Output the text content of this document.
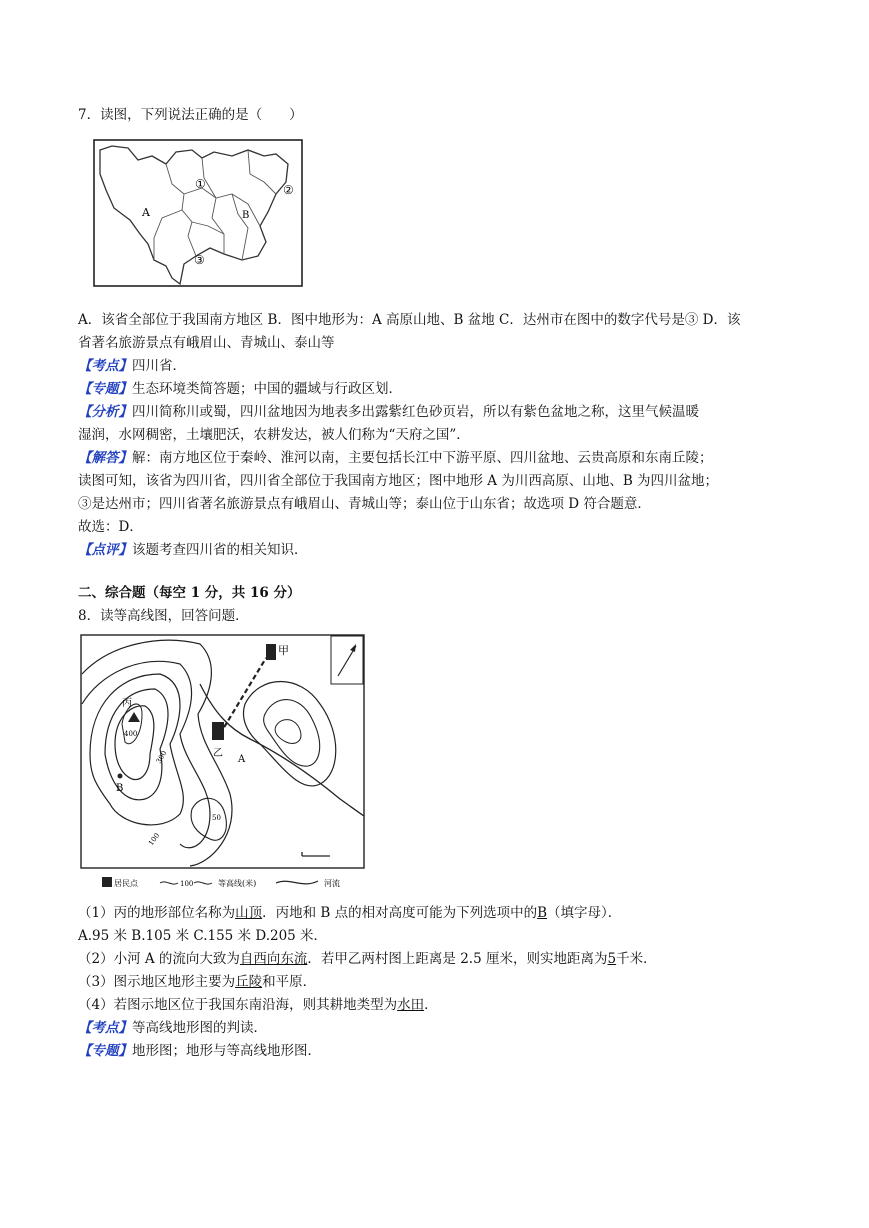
7．读图，下列说法正确的是（　　）
A
①	②
③
B
A．该省全部位于我国南方地区 B．图中地形为：A 高原山地、B 盆地 C．达州市在图中的数字代号是③ D．该
省著名旅游景点有峨眉山、青城山、泰山等
【考点】四川省．
【专题】生态环境类简答题；中国的疆域与行政区划．
【分析】四川简称川或蜀，四川盆地因为地表多出露紫红色砂页岩，所以有紫色盆地之称，这里气候温暖
湿润，水网稠密，土壤肥沃，农耕发达，被人们称为“天府之国”．
【解答】解：南方地区位于秦岭、淮河以南，主要包括长江中下游平原、四川盆地、云贵高原和东南丘陵；
读图可知，该省为四川省，四川省全部位于我国南方地区；图中地形 A 为川西高原、山地、B 为四川盆地；
③是达州市；四川省著名旅游景点有峨眉山、青城山等；泰山位于山东省；故选项 D 符合题意．
故选：D．
【点评】该题考查四川省的相关知识．
二、综合题（每空 1 分，共 16 分）
8．读等高线图，回答问题．
甲
乙
丙
A
B
400
300
100
50
居民点	100	等高线(米)	河流
（1）丙的地形部位名称为山顶．丙地和 B 点的相对高度可能为下列选项中的B（填字母）．
A.95 米 B.105 米 C.155 米 D.205 米．
（2）小河 A 的流向大致为自西向东流．若甲乙两村图上距离是 2.5 厘米，则实地距离为5千米．
（3）图示地区地形主要为丘陵和平原．
（4）若图示地区位于我国东南沿海，则其耕地类型为水田．
【考点】等高线地形图的判读．
【专题】地形图；地形与等高线地形图．
